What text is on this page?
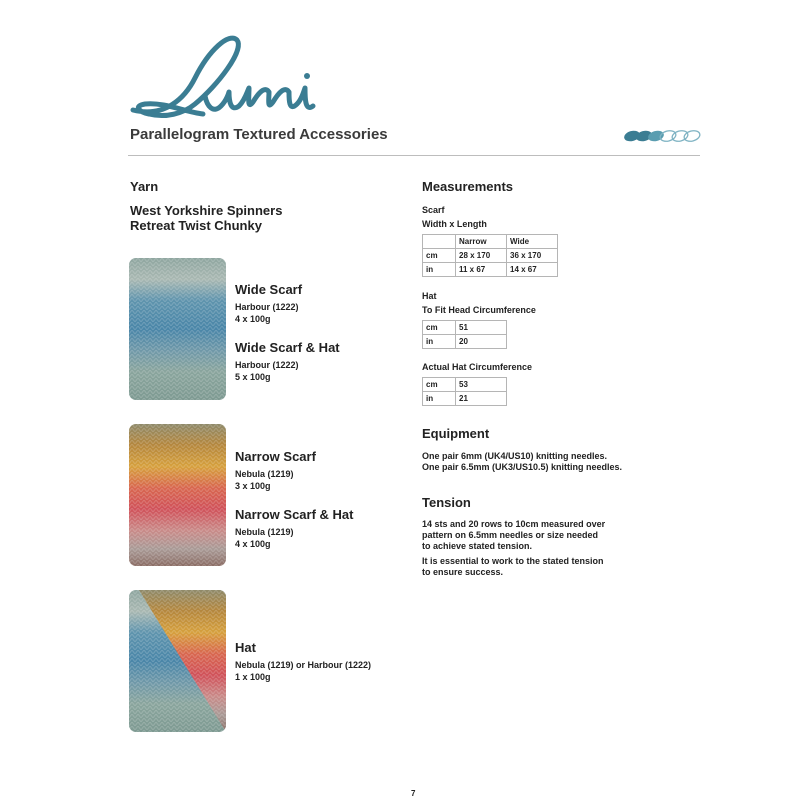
Parallelogram Textured Accessories
Yarn
West Yorkshire Spinners
Retreat Twist Chunky
Wide Scarf
Harbour (1222)
4 x 100g
Wide Scarf & Hat
Harbour (1222)
5 x 100g
Narrow Scarf
Nebula (1219)
3 x 100g
Narrow Scarf & Hat
Nebula (1219)
4 x 100g
Hat
Nebula (1219) or Harbour (1222)
1 x 100g
Measurements
Scarf
Width x Length
	Narrow	Wide
cm	28 x 170	36 x 170
in	11 x 67	14 x 67
Hat
To Fit Head Circumference
cm	51
in	20
Actual Hat Circumference
cm	53
in	21
Equipment
One pair 6mm (UK4/US10) knitting needles.
One pair 6.5mm (UK3/US10.5) knitting needles.
Tension
14 sts and 20 rows to 10cm measured over
pattern on 6.5mm needles or size needed
to achieve stated tension.
It is essential to work to the stated tension
to ensure success.
7
